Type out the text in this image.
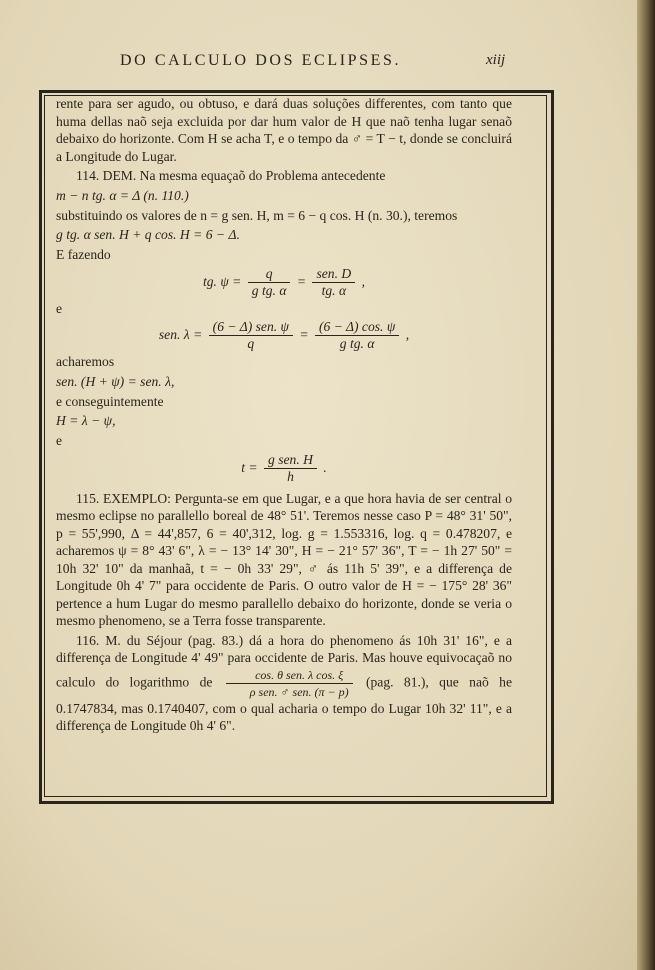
DO CALCULO DOS ECLIPSES.	xiij

rente para ser agudo, ou obtuso, e dará duas soluções differentes, com tanto que huma dellas naõ seja excluida por dar hum valor de H que naõ tenha lugar senaõ debaixo do horizonte. Com H se acha T, e o tempo da ♂ = T − t, donde se concluirá a Longitude do Lugar.

114. DEM. Na mesma equaçaõ do Problema antecedente

m − n tg. α = Δ (n. 110.)

substituindo os valores de n = g sen. H, m = 6 − q cos. H (n. 30.), teremos

g tg. α sen. H + q cos. H = 6 − Δ.

E fazendo

tg. $\psi = \frac{q}{\text{g tg. α}} = \frac{\text{sen. D}}{tg. \alpha}$ ,

e

sen. $\lambda = \frac{\text{(6 − Δ) sen. ψ}}{q} = \frac{(6 - \Delta) \cos. \psi}{\text{g tg. α}}$ ,

acharemos

sen. (H + ψ) = sen. λ,

e conseguintemente

H = λ − ψ,

e

$t = \frac{\text{g sen. H}}{h}$ .

115. EXEMPLO: Pergunta-se em que Lugar, e a que hora havia de ser central o mesmo eclipse no parallello boreal de 48° 51'. Teremos nesse caso P = 48° 31' 50", p = 55',990, Δ = 44',857, 6 = 40',312, log. g = 1.553316, log. q = 0.478207, e acharemos ψ = 8° 43' 6", λ = − 13° 14' 30", H = − 21° 57' 36", T = − 1h 27' 50" = 10h 32' 10" da manhaã, t = − 0h 33' 29", ♂ ás 11h 5' 39", e a differença de Longitude 0h 4' 7" para occidente de Paris. O outro valor de H = − 175° 28' 36" pertence a hum Lugar do mesmo parallello debaixo do horizonte, donde se veria o mesmo phenomeno, se a Terra fosse transparente.

116. M. du Séjour (pag. 83.) dá a hora do phenomeno ás 10h 31' 16", e a differença de Longitude 4' 49" para occidente de Paris. Mas houve equivocaçaõ no calculo do logarithmo de $\frac{\text{cos. θ sen. λ cos. ξ}}{\text{ρ sen. ♂ sen. (π − p)}} (pag$. 81.), que naõ he 0.1747834, mas 0.1740407, com o qual acharia o tempo do Lugar 10h 32' 11", e a differença de Longitude 0h 4' 6".
